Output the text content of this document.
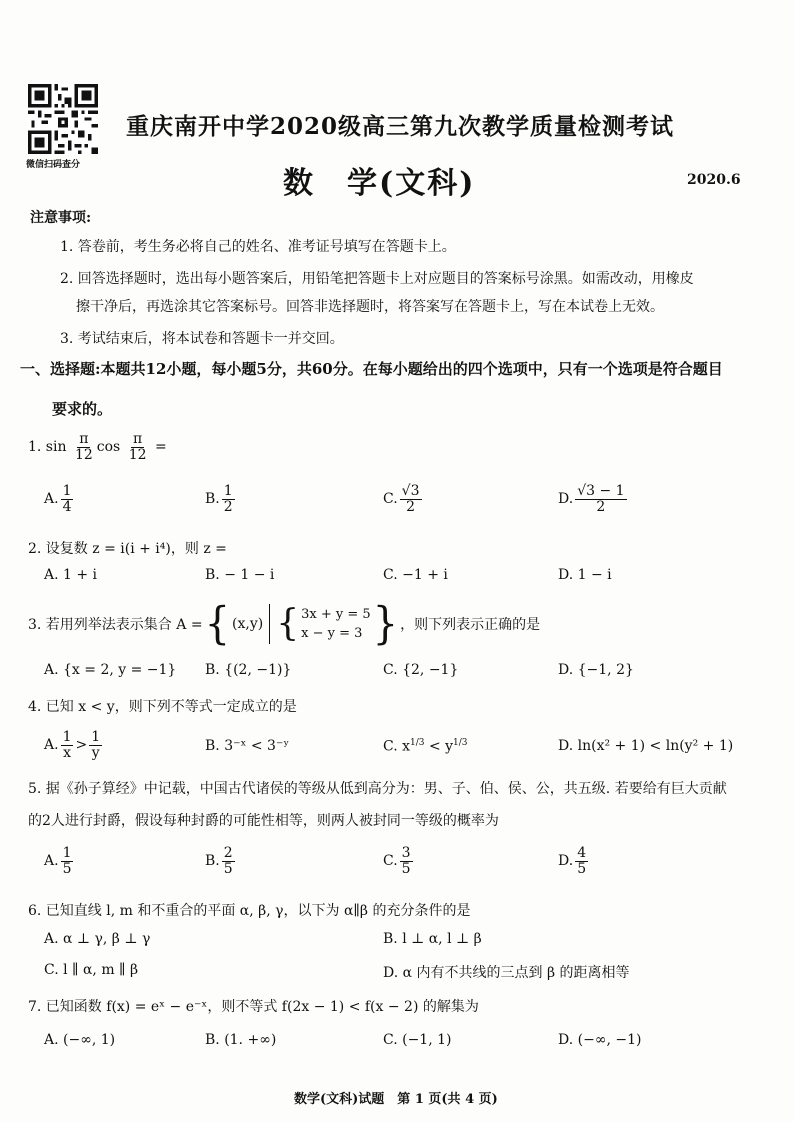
微信扫码查分
重庆南开中学2020级高三第九次教学质量检测考试
数　学(文科)	2020.6
注意事项:
1. 答卷前，考生务必将自己的姓名、准考证号填写在答题卡上。
2. 回答选择题时，选出每小题答案后，用铅笔把答题卡上对应题目的答案标号涂黑。如需改动，用橡皮
擦干净后，再选涂其它答案标号。回答非选择题时，将答案写在答题卡上，写在本试卷上无效。
3. 考试结束后，将本试卷和答题卡一并交回。
一、选择题:本题共12小题，每小题5分，共60分。在每小题给出的四个选项中，只有一个选项是符合题目
要求的。
1. $\sin \frac{\pi}{12}$ $\cos \frac{\pi}{12}$ =
A. $\frac{1}{4}$	B. $\frac{1}{2}$	C. $\frac{√3}{2}$	D. $\frac{√3 - 1}{2}$
2. 设复数 z = i(i + i⁴)，则 z =
A. 1 + i	B. − 1 − i	C. −1 + i	D. 1 − i
3. 若用列举法表示集合 A = { (x,y) { 3x + y = 5
x − y = 3 } ，则下列表示正确的是
A. {x = 2, y = −1} B. {(2, −1)}	C. {2, −1}	D. {−1, 2}
4. 已知 x < y，则下列不等式一定成立的是
A. $\frac{1}{x} > \frac{1}{y}$	B. 3⁻ˣ < 3⁻ʸ	C. $x^{1/3} < y^{1/3}$	D. ln(x² + 1) < ln(y² + 1)
5. 据《孙子算经》中记载，中国古代诸侯的等级从低到高分为：男、子、伯、侯、公，共五级. 若要给有巨大贡献
的2人进行封爵，假设每种封爵的可能性相等，则两人被封同一等级的概率为
A. $\frac{1}{5}$	B. $\frac{2}{5}$	C. $\frac{3}{5}$	D. $\frac{4}{5}$
6. 已知直线 l, m 和不重合的平面 α, β, γ，以下为 α∥β 的充分条件的是
A. α ⊥ γ, β ⊥ γ	B. l ⊥ α, l ⊥ β
C. l ∥ α, m ∥ β	D. α 内有不共线的三点到 β 的距离相等
7. 已知函数 f(x) = eˣ − e⁻ˣ，则不等式 f(2x − 1) < f(x − 2) 的解集为
A. (−∞, 1)	B. (1. +∞)	C. (−1, 1)	D. (−∞, −1)
数学(文科)试题　第 1 页(共 4 页)
